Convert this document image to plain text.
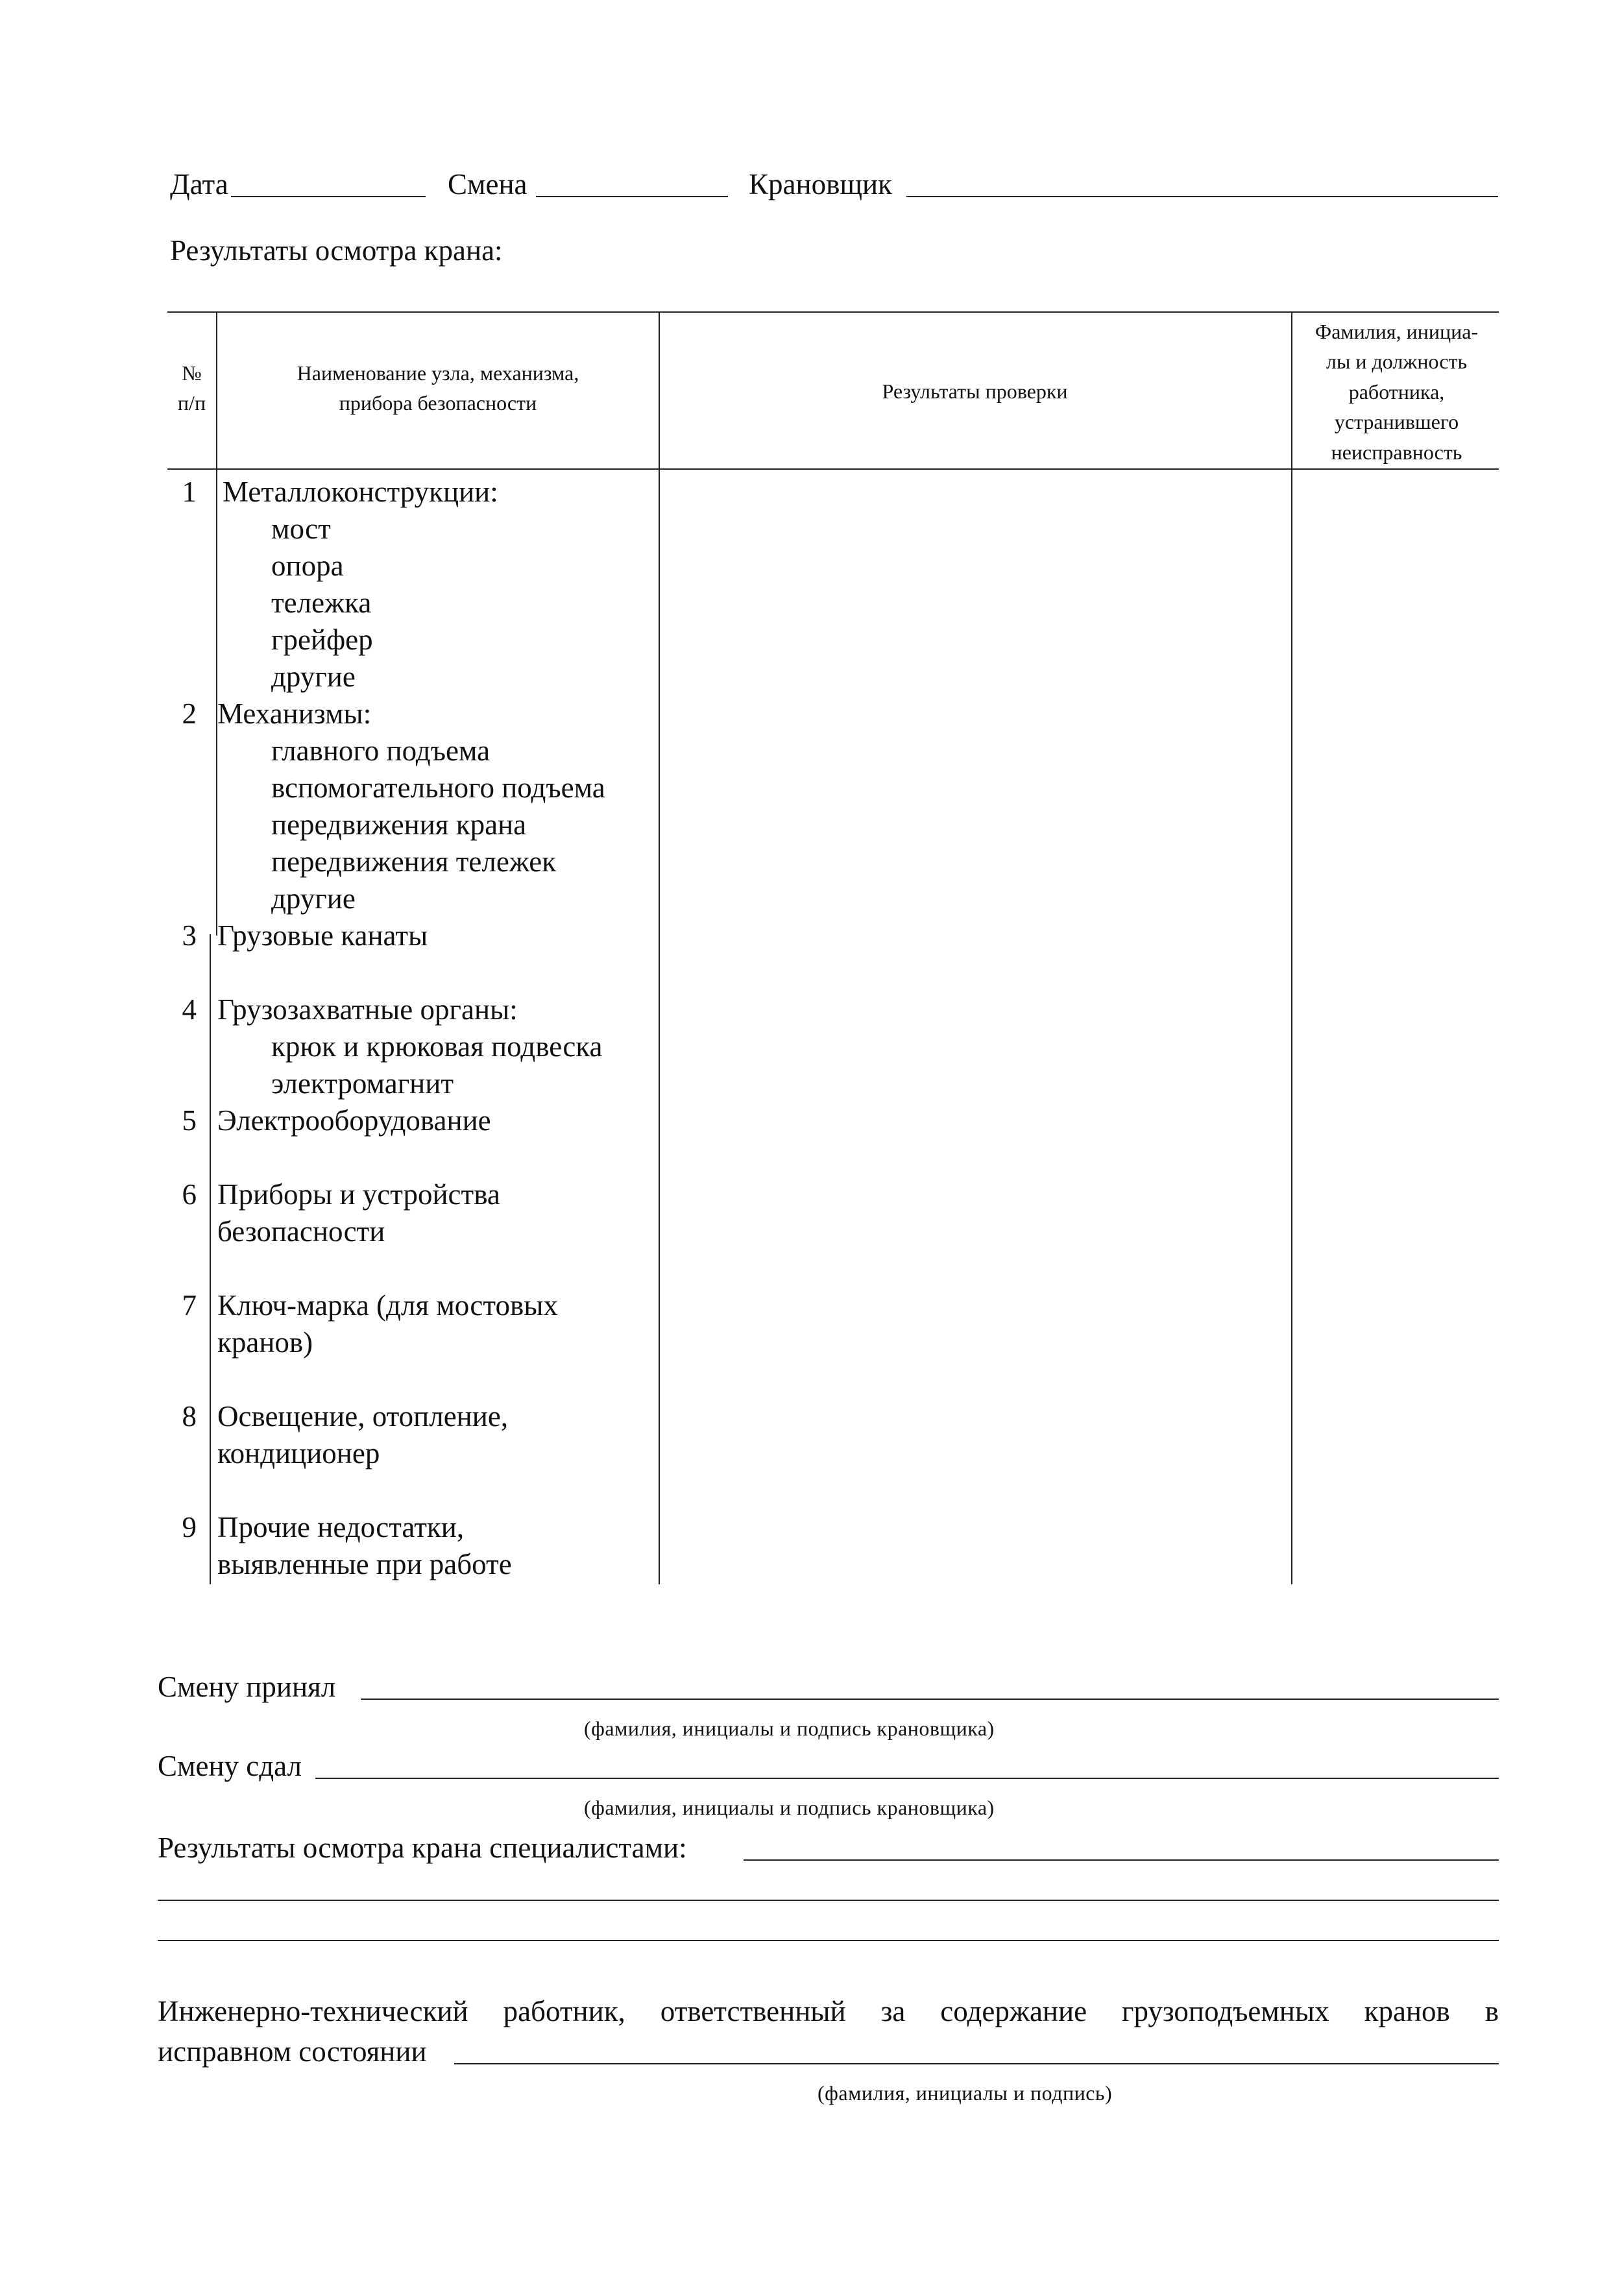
Дата	Смена	Крановщик
Результаты осмотра крана:
№
п/п
Наименование узла, механизма,
прибора безопасности
Результаты проверки
Фамилия, инициа-
лы и должность
работника,
устранившего
неисправность
1 Металлоконструкции:
мост
опора
тележка
грейфер
другие
2 Механизмы:
главного подъема
вспомогательного подъема
передвижения крана
передвижения тележек
другие
3 Грузовые канаты
4 Грузозахватные органы:
крюк и крюковая подвеска
электромагнит
5 Электрооборудование
6 Приборы и устройства
безопасности
7 Ключ-марка (для мостовых
кранов)
8 Освещение, отопление,
кондиционер
9 Прочие недостатки,
выявленные при работе
Смену принял
(фамилия, инициалы и подпись крановщика)
Смену сдал
(фамилия, инициалы и подпись крановщика)
Результаты осмотра крана специалистами:
Инженерно-технический работник, ответственный за содержание грузоподъемных кранов в
исправном состоянии
(фамилия, инициалы и подпись)
